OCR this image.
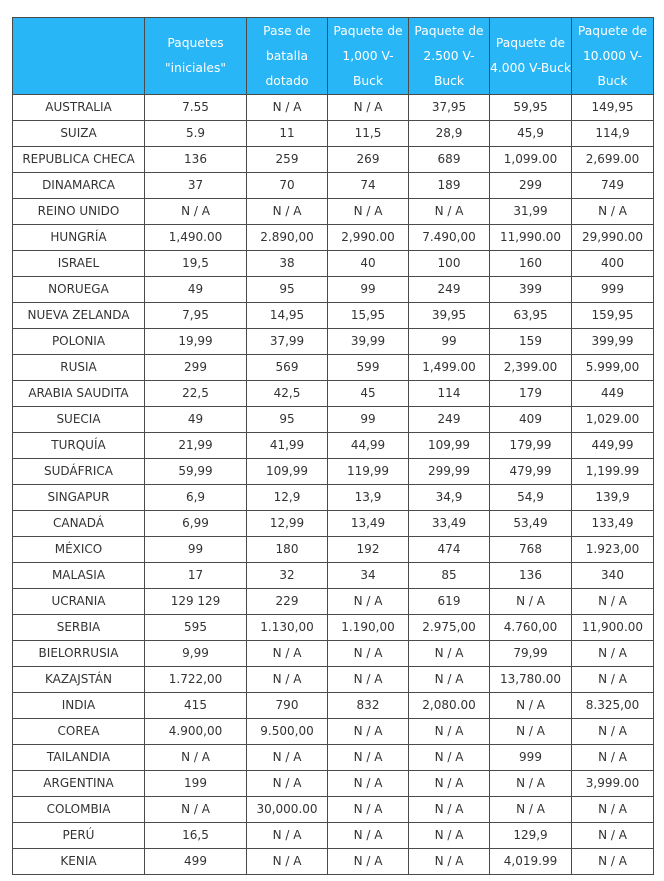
	Paquetes "iniciales"	Pase de batalla dotado	Paquete de 1,000 V-Buck	Paquete de 2.500 V-Buck	Paquete de 4.000 V-Buck	Paquete de 10.000 V-Buck
AUSTRALIA	7.55	N / A	N / A	37,95	59,95	149,95
SUIZA	5.9	11	11,5	28,9	45,9	114,9
REPUBLICA CHECA	136	259	269	689	1,099.00	2,699.00
DINAMARCA	37	70	74	189	299	749
REINO UNIDO	N / A	N / A	N / A	N / A	31,99	N / A
HUNGRÍA	1,490.00	2.890,00	2,990.00	7.490,00	11,990.00	29,990.00
ISRAEL	19,5	38	40	100	160	400
NORUEGA	49	95	99	249	399	999
NUEVA ZELANDA	7,95	14,95	15,95	39,95	63,95	159,95
POLONIA	19,99	37,99	39,99	99	159	399,99
RUSIA	299	569	599	1,499.00	2,399.00	5.999,00
ARABIA SAUDITA	22,5	42,5	45	114	179	449
SUECIA	49	95	99	249	409	1,029.00
TURQUÍA	21,99	41,99	44,99	109,99	179,99	449,99
SUDÁFRICA	59,99	109,99	119,99	299,99	479,99	1,199.99
SINGAPUR	6,9	12,9	13,9	34,9	54,9	139,9
CANADÁ	6,99	12,99	13,49	33,49	53,49	133,49
MÉXICO	99	180	192	474	768	1.923,00
MALASIA	17	32	34	85	136	340
UCRANIA	129 129	229	N / A	619	N / A	N / A
SERBIA	595	1.130,00	1.190,00	2.975,00	4.760,00	11,900.00
BIELORRUSIA	9,99	N / A	N / A	N / A	79,99	N / A
KAZAJSTÁN	1.722,00	N / A	N / A	N / A	13,780.00	N / A
INDIA	415	790	832	2,080.00	N / A	8.325,00
COREA	4.900,00	9.500,00	N / A	N / A	N / A	N / A
TAILANDIA	N / A	N / A	N / A	N / A	999	N / A
ARGENTINA	199	N / A	N / A	N / A	N / A	3,999.00
COLOMBIA	N / A	30,000.00	N / A	N / A	N / A	N / A
PERÚ	16,5	N / A	N / A	N / A	129,9	N / A
KENIA	499	N / A	N / A	N / A	4,019.99	N / A
